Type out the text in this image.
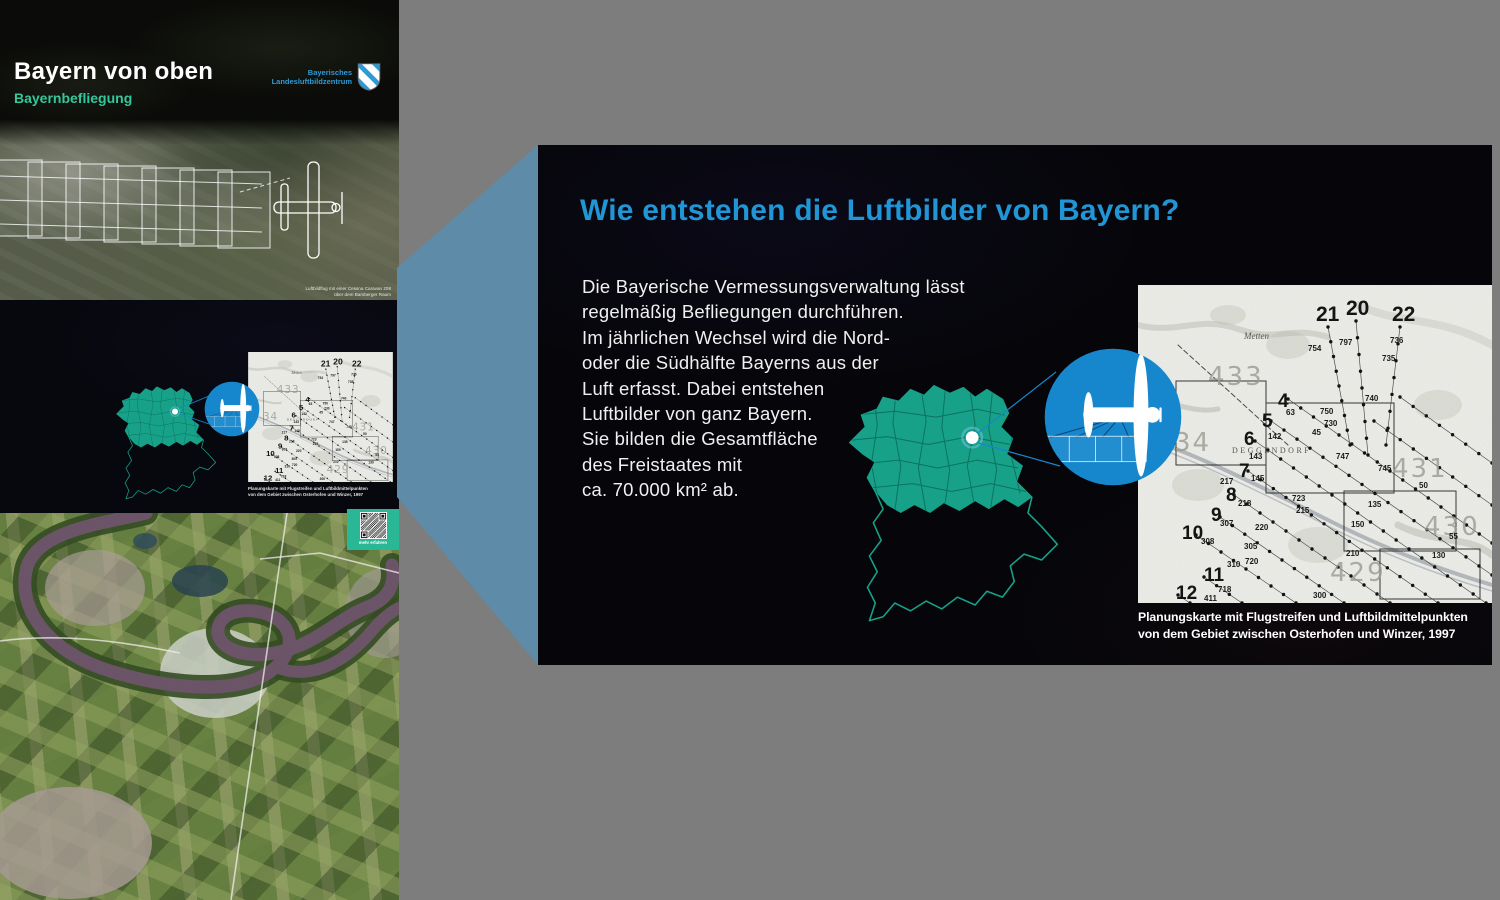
Bayern von oben
Bayernbefliegung
Bayerisches
Landesluftbildzentrum
Luftbildflug mit einer Cessna Caravan 208
über dem Bamberger Raum
Planungskarte mit Flugstreifen und Luftbildmittelpunkten
von dem Gebiet zwischen Osterhofen und Winzer, 1997
mehr erfahren
Wie entstehen die Luftbilder von Bayern?
Die Bayerische Vermessungsverwaltung lässt
regelmäßig Befliegungen durchführen.
Im jährlichen Wechsel wird die Nord-
oder die Südhälfte Bayerns aus der
Luft erfasst. Dabei entstehen
Luftbilder von ganz Bayern.
Sie bilden die Gesamtfläche
des Freistaates mit
ca. 70.000 km² ab.
Planungskarte mit Flugstreifen und Luftbildmittelpunkten
von dem Gebiet zwischen Osterhofen und Winzer, 1997
